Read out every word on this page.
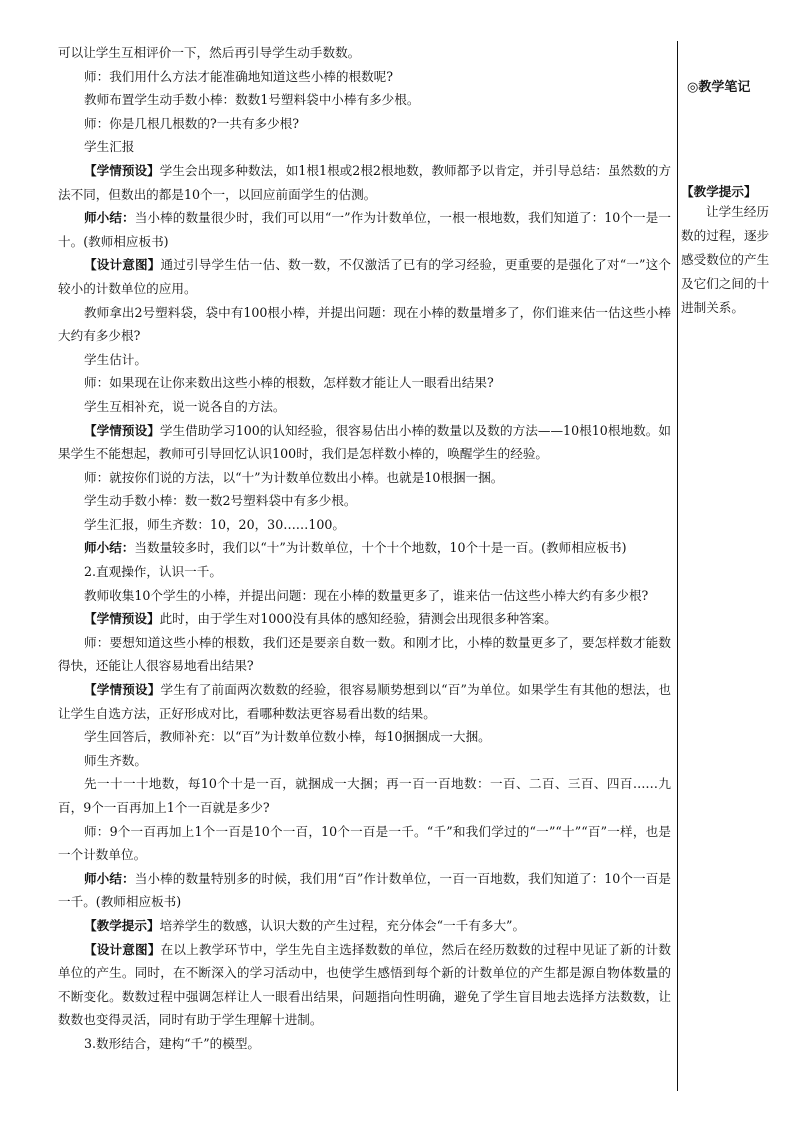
可以让学生互相评价一下，然后再引导学生动手数数。

师：我们用什么方法才能准确地知道这些小棒的根数呢?

教师布置学生动手数小棒：数数1号塑料袋中小棒有多少根。

师：你是几根几根数的?一共有多少根?

学生汇报

【学情预设】学生会出现多种数法，如1根1根或2根2根地数，教师都予以肯定，并引导总结：虽然数的方法不同，但数出的都是10个一，以回应前面学生的估测。

师小结：当小棒的数量很少时，我们可以用“一”作为计数单位，一根一根地数，我们知道了：10个一是一十。(教师相应板书)

【设计意图】通过引导学生估一估、数一数，不仅激活了已有的学习经验，更重要的是强化了对“一”这个较小的计数单位的应用。

教师拿出2号塑料袋，袋中有100根小棒，并提出问题：现在小棒的数量增多了，你们谁来估一估这些小棒大约有多少根?

学生估计。

师：如果现在让你来数出这些小棒的根数，怎样数才能让人一眼看出结果?

学生互相补充，说一说各自的方法。

【学情预设】学生借助学习100的认知经验，很容易估出小棒的数量以及数的方法——10根10根地数。如果学生不能想起，教师可引导回忆认识100时，我们是怎样数小棒的，唤醒学生的经验。

师：就按你们说的方法，以“十”为计数单位数出小棒。也就是10根捆一捆。

学生动手数小棒：数一数2号塑料袋中有多少根。

学生汇报，师生齐数：10，20，30……100。

师小结：当数量较多时，我们以“十”为计数单位，十个十个地数，10个十是一百。(教师相应板书)

2.直观操作，认识一千。

教师收集10个学生的小棒，并提出问题：现在小棒的数量更多了，谁来估一估这些小棒大约有多少根?

【学情预设】此时，由于学生对1000没有具体的感知经验，猜测会出现很多种答案。

师：要想知道这些小棒的根数，我们还是要亲自数一数。和刚才比，小棒的数量更多了，要怎样数才能数得快，还能让人很容易地看出结果?

【学情预设】学生有了前面两次数数的经验，很容易顺势想到以“百”为单位。如果学生有其他的想法，也让学生自选方法，正好形成对比，看哪种数法更容易看出数的结果。

学生回答后，教师补充：以“百”为计数单位数小棒，每10捆捆成一大捆。

师生齐数。

先一十一十地数，每10个十是一百，就捆成一大捆；再一百一百地数：一百、二百、三百、四百……九百，9个一百再加上1个一百就是多少?

师：9个一百再加上1个一百是10个一百，10个一百是一千。“千”和我们学过的“一”“十”“百”一样，也是一个计数单位。

师小结：当小棒的数量特别多的时候，我们用“百”作计数单位，一百一百地数，我们知道了：10个一百是一千。(教师相应板书)

【教学提示】培养学生的数感，认识大数的产生过程，充分体会“一千有多大”。

【设计意图】在以上教学环节中，学生先自主选择数数的单位，然后在经历数数的过程中见证了新的计数单位的产生。同时，在不断深入的学习活动中，也使学生感悟到每个新的计数单位的产生都是源自物体数量的不断变化。数数过程中强调怎样让人一眼看出结果，问题指向性明确，避免了学生盲目地去选择方法数数，让数数也变得灵活，同时有助于学生理解十进制。

3.数形结合，建构“千”的模型。

◎教学笔记
【教学提示】

让学生经历数的过程，逐步感受数位的产生及它们之间的十进制关系。
